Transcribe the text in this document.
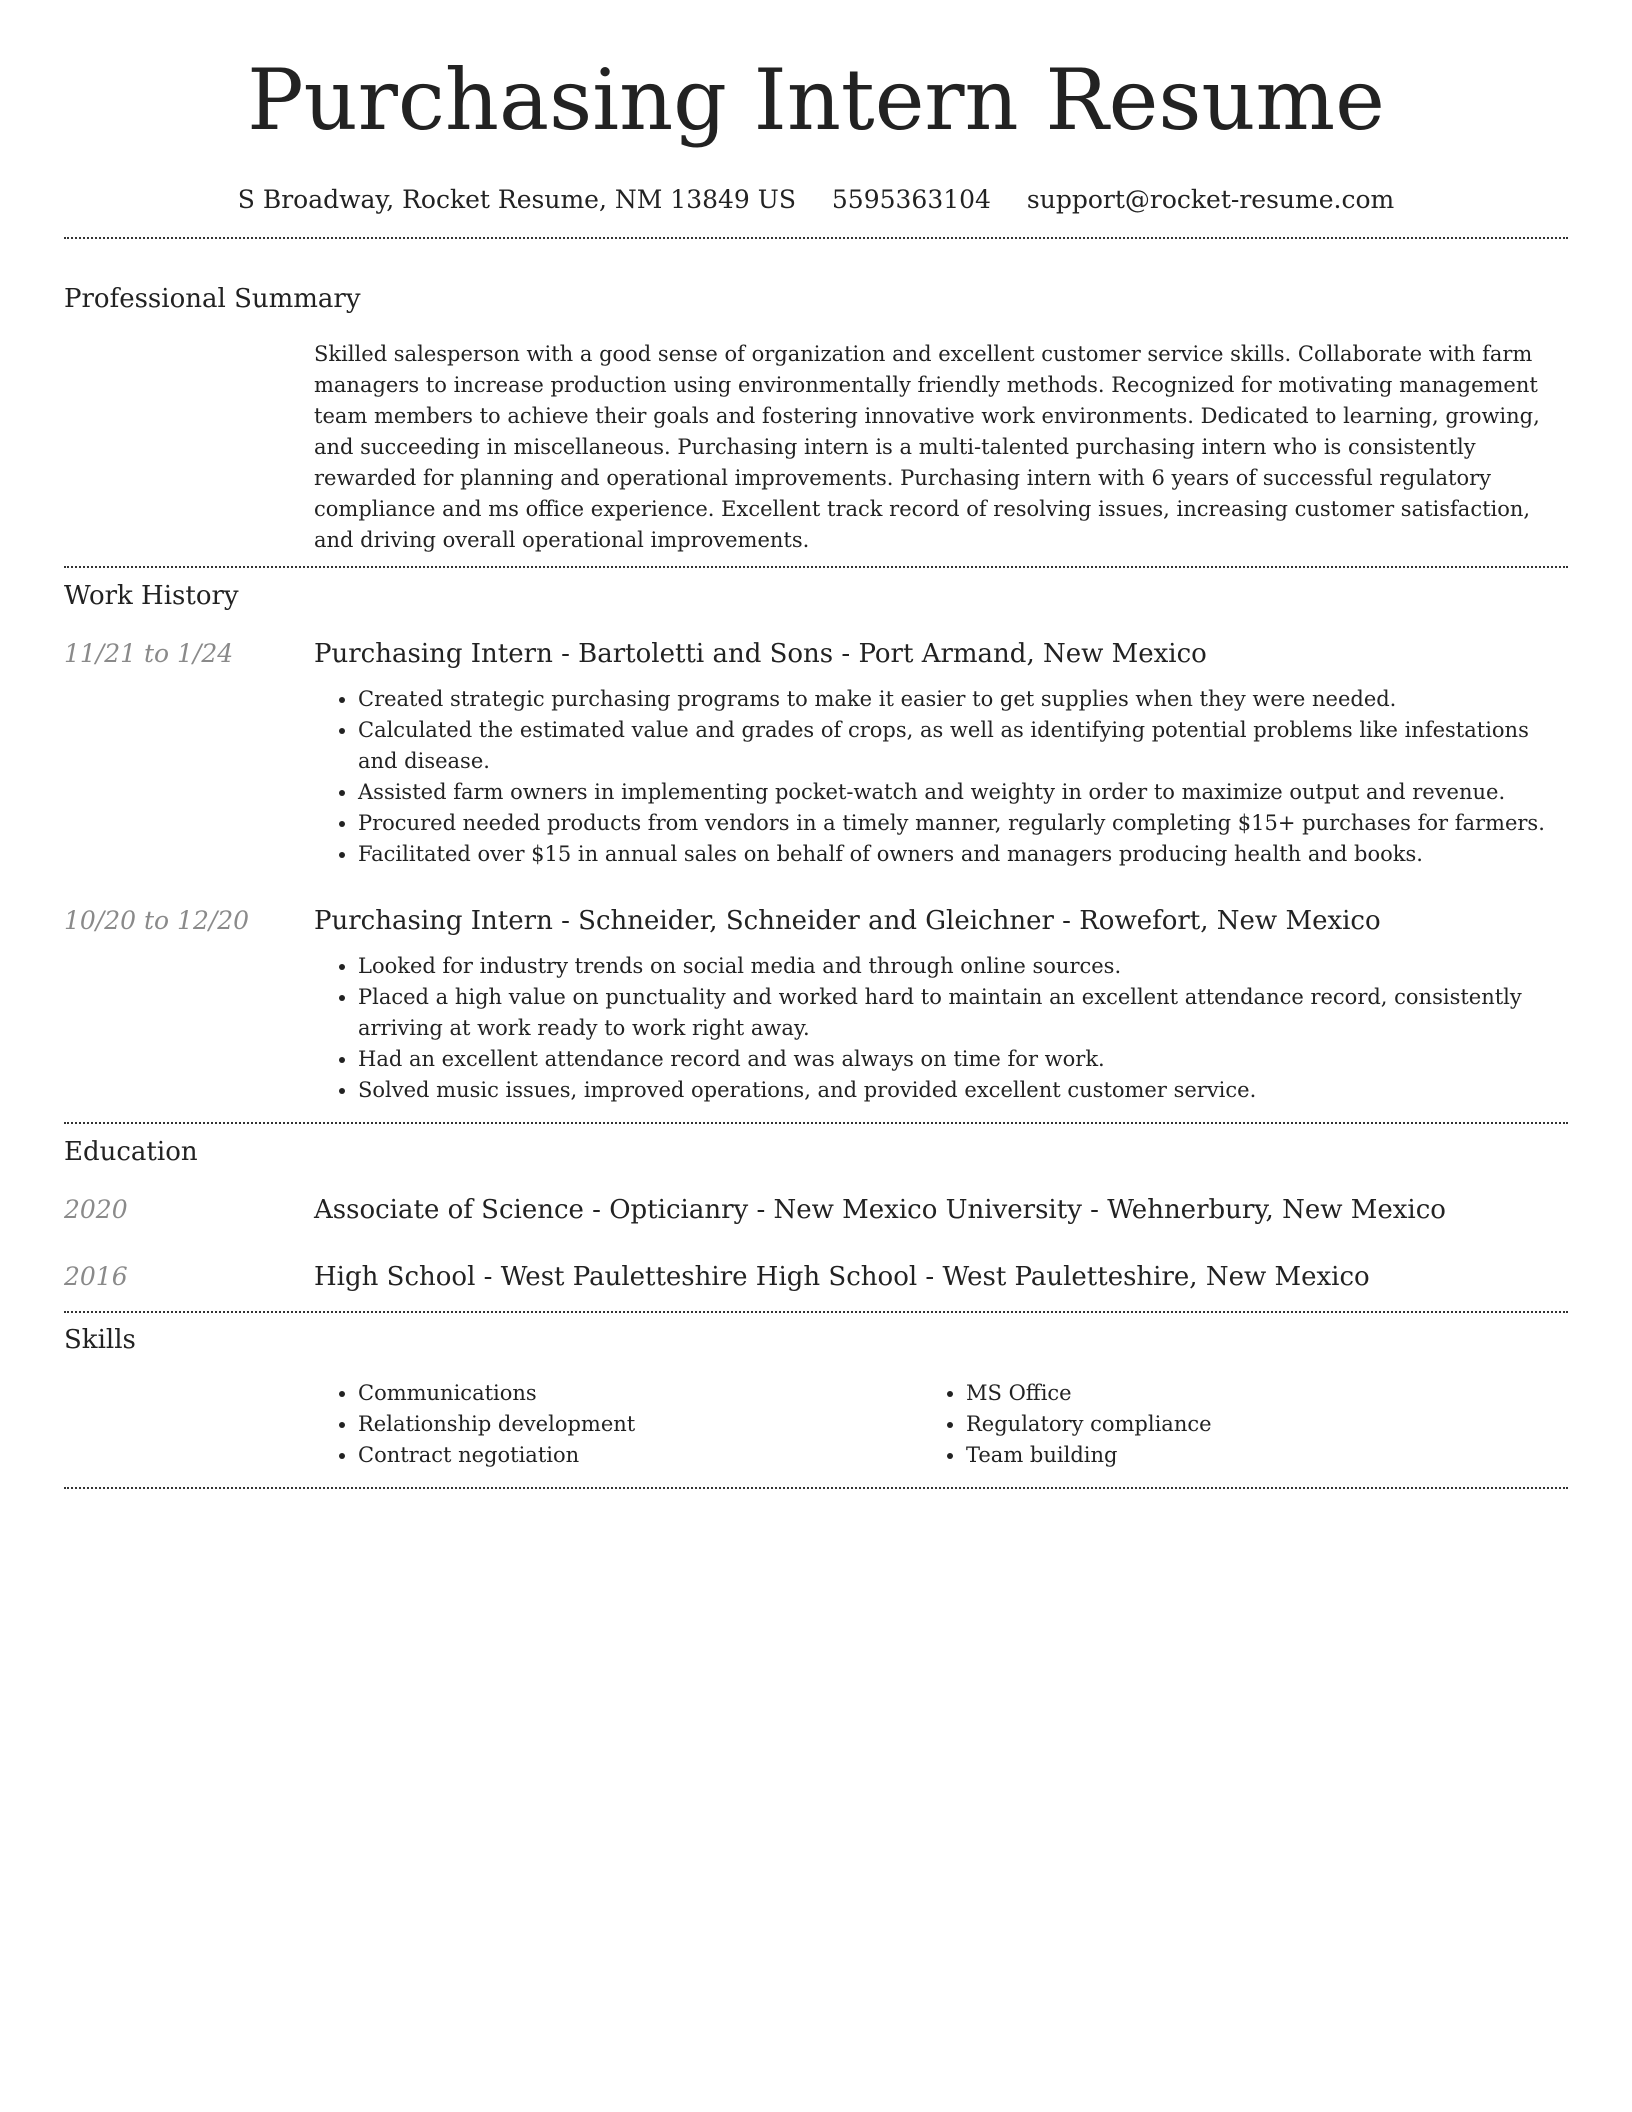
Purchasing Intern Resume
S Broadway, Rocket Resume, NM 13849 US 5595363104 support@rocket-resume.com
Professional Summary
Skilled salesperson with a good sense of organization and excellent customer service skills. Collaborate with farm managers to increase production using environmentally friendly methods. Recognized for motivating management team members to achieve their goals and fostering innovative work environments. Dedicated to learning, growing, and succeeding in miscellaneous. Purchasing intern is a multi-talented purchasing intern who is consistently rewarded for planning and operational improvements. Purchasing intern with 6 years of successful regulatory compliance and ms office experience. Excellent track record of resolving issues, increasing customer satisfaction, and driving overall operational improvements.
Work History
11/21 to 1/24	Purchasing Intern - Bartoletti and Sons - Port Armand, New Mexico
• Created strategic purchasing programs to make it easier to get supplies when they were needed.
• Calculated the estimated value and grades of crops, as well as identifying potential problems like infestations and disease.
• Assisted farm owners in implementing pocket-watch and weighty in order to maximize output and revenue.
• Procured needed products from vendors in a timely manner, regularly completing $15+ purchases for farmers.
• Facilitated over $15 in annual sales on behalf of owners and managers producing health and books.
10/20 to 12/20 Purchasing Intern - Schneider, Schneider and Gleichner - Rowefort, New Mexico
• Looked for industry trends on social media and through online sources.
• Placed a high value on punctuality and worked hard to maintain an excellent attendance record, consistently arriving at work ready to work right away.
• Had an excellent attendance record and was always on time for work.
• Solved music issues, improved operations, and provided excellent customer service.
Education
2020	Associate of Science - Opticianry - New Mexico University - Wehnerbury, New Mexico
2016	High School - West Pauletteshire High School - West Pauletteshire, New Mexico
Skills
• Communications
• Relationship development
• Contract negotiation
• MS Office
• Regulatory compliance
• Team building
